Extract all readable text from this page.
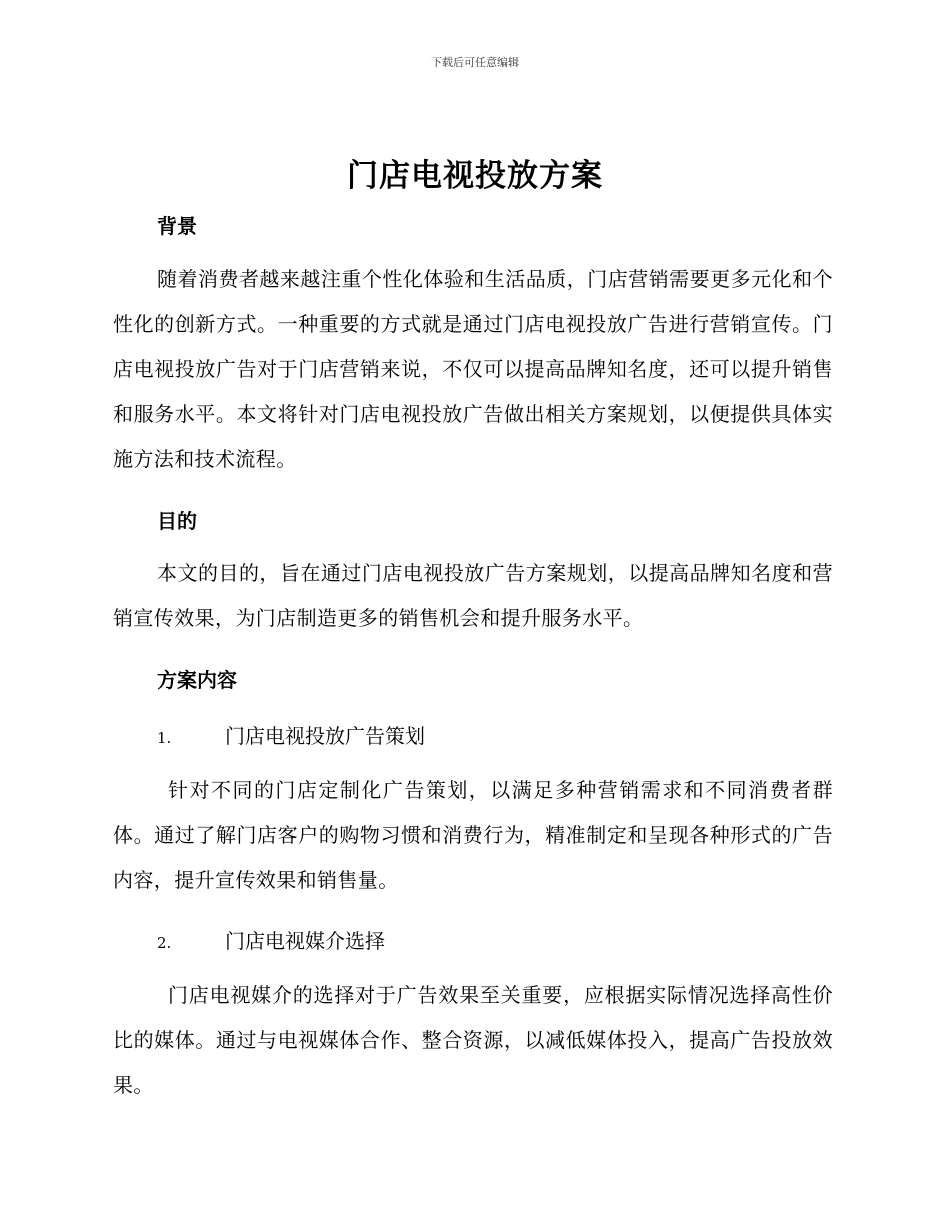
下载后可任意编辑
门店电视投放方案
背景

随着消费者越来越注重个性化体验和生活品质，门店营销需要更多元化和个性化的创新方式。一种重要的方式就是通过门店电视投放广告进行营销宣传。门店电视投放广告对于门店营销来说，不仅可以提高品牌知名度，还可以提升销售和服务水平。本文将针对门店电视投放广告做出相关方案规划，以便提供具体实施方法和技术流程。

目的

本文的目的，旨在通过门店电视投放广告方案规划，以提高品牌知名度和营销宣传效果，为门店制造更多的销售机会和提升服务水平。

方案内容
1.	门店电视投放广告策划

针对不同的门店定制化广告策划，以满足多种营销需求和不同消费者群体。通过了解门店客户的购物习惯和消费行为，精准制定和呈现各种形式的广告内容，提升宣传效果和销售量。

2.	门店电视媒介选择

门店电视媒介的选择对于广告效果至关重要，应根据实际情况选择高性价比的媒体。通过与电视媒体合作、整合资源，以减低媒体投入，提高广告投放效果。
